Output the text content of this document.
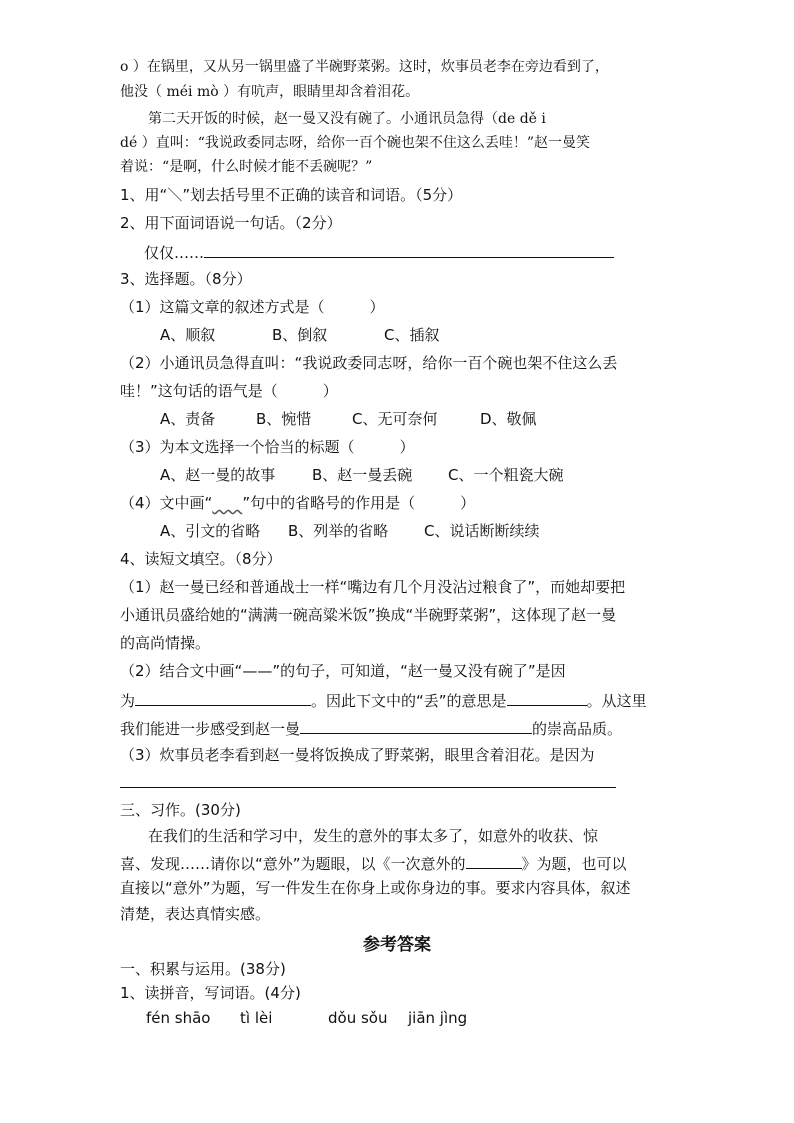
o ）在锅里，又从另一锅里盛了半碗野菜粥。这时，炊事员老李在旁边看到了，
他没（ méi mò ）有吭声，眼睛里却含着泪花。
第二天开饭的时候，赵一曼又没有碗了。小通讯员急得（de dě i
dé ）直叫：“我说政委同志呀，给你一百个碗也架不住这么丢哇！”赵一曼笑
着说：“是啊，什么时候才能不丢碗呢？”
1、用“＼”划去括号里不正确的读音和词语。（5分）
2、用下面词语说一句话。（2分）
仅仅……
3、选择题。（8分）
（1）这篇文章的叙述方式是（　　　）
A、顺叙	B、倒叙	C、插叙
（2）小通讯员急得直叫：“我说政委同志呀，给你一百个碗也架不住这么丢
哇！”这句话的语气是（　　　）
A、责备	B、惋惜	C、无可奈何	D、敬佩
（3）为本文选择一个恰当的标题（　　　）
A、赵一曼的故事 B、赵一曼丢碗 C、一个粗瓷大碗
（4）文中画“ ”句中的省略号的作用是（　　　）
A、引文的省略 B、列举的省略 C、说话断断续续
4、读短文填空。（8分）
（1）赵一曼已经和普通战士一样“嘴边有几个月没沾过粮食了”，而她却要把
小通讯员盛给她的“满满一碗高粱米饭”换成“半碗野菜粥”，这体现了赵一曼
的高尚情操。
（2）结合文中画“——”的句子，可知道，“赵一曼又没有碗了”是因
为	。因此下文中的“丢”的意思是	。从这里
我们能进一步感受到赵一曼	的崇高品质。
（3）炊事员老李看到赵一曼将饭换成了野菜粥，眼里含着泪花。是因为
三、习作。(30分)
在我们的生活和学习中，发生的意外的事太多了，如意外的收获、惊
喜、发现……请你以“意外”为题眼，以《一次意外的	》为题，也可以
直接以“意外”为题，写一件发生在你身上或你身边的事。要求内容具体，叙述
清楚，表达真情实感。
参考答案
一、积累与运用。(38分)
1、读拼音，写词语。(4分)
fén shāo tì lèi	dǒu sǒu jiān jìng
